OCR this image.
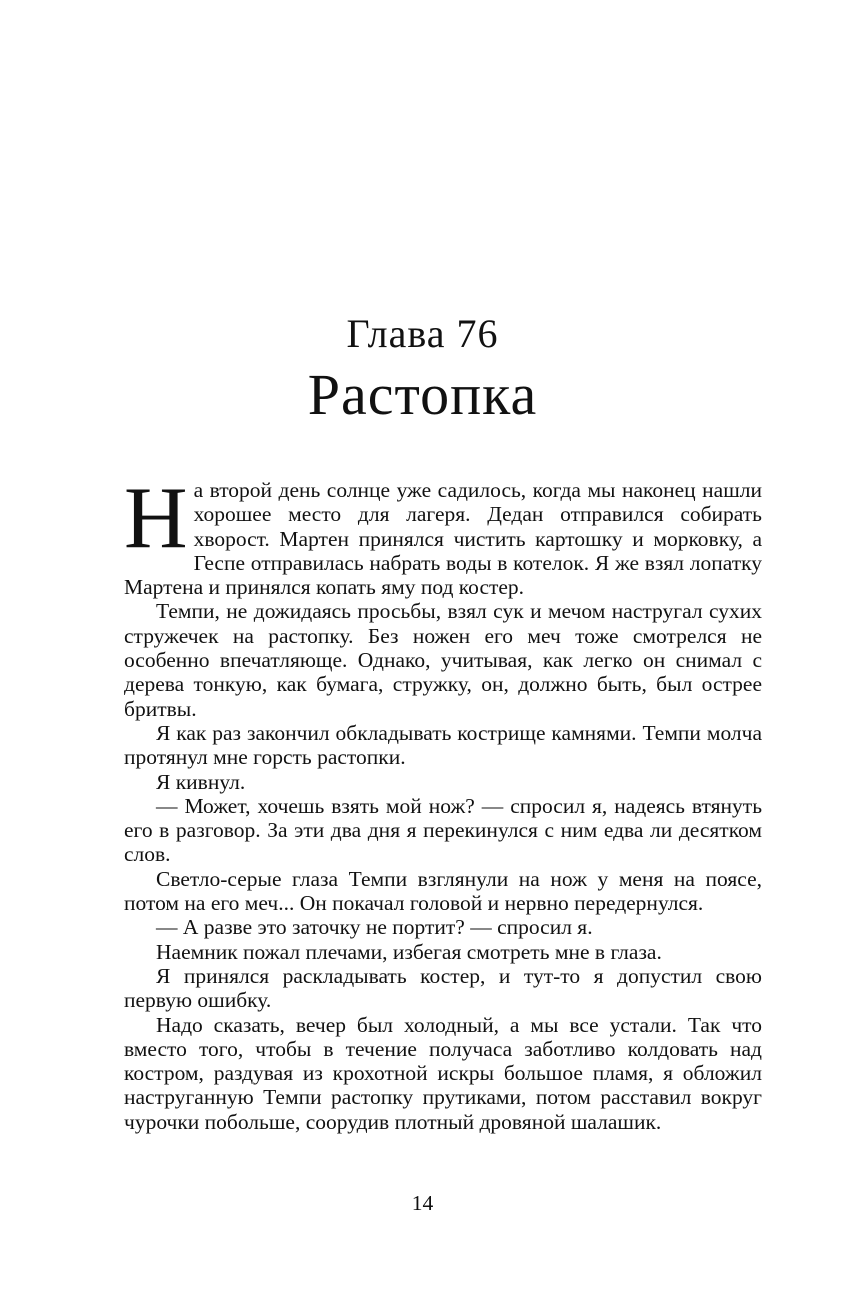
Глава 76
Растопка

На второй день солнце уже садилось, когда мы наконец нашли хорошее место для лагеря. Дедан отправился собирать хворост. Мартен принялся чистить картошку и морковку, а Геспе отправилась набрать воды в котелок. Я же взял лопатку Мартена и принялся копать яму под костер.

Темпи, не дожидаясь просьбы, взял сук и мечом настругал сухих стружечек на растопку. Без ножен его меч тоже смотрелся не особенно впечатляюще. Однако, учитывая, как легко он снимал с дерева тонкую, как бумага, стружку, он, должно быть, был острее бритвы.

Я как раз закончил обкладывать кострище камнями. Темпи молча протянул мне горсть растопки.

Я кивнул.

— Может, хочешь взять мой нож? — спросил я, надеясь втянуть его в разговор. За эти два дня я перекинулся с ним едва ли десятком слов.

Светло-серые глаза Темпи взглянули на нож у меня на поясе, потом на его меч... Он покачал головой и нервно передернулся.

— А разве это заточку не портит? — спросил я.

Наемник пожал плечами, избегая смотреть мне в глаза.

Я принялся раскладывать костер, и тут-то я допустил свою первую ошибку.

Надо сказать, вечер был холодный, а мы все устали. Так что вместо того, чтобы в течение получаса заботливо колдовать над костром, раздувая из крохотной искры большое пламя, я обложил наструганную Темпи растопку прутиками, потом расставил вокруг чурочки побольше, соорудив плотный дровяной шалашик.

14
